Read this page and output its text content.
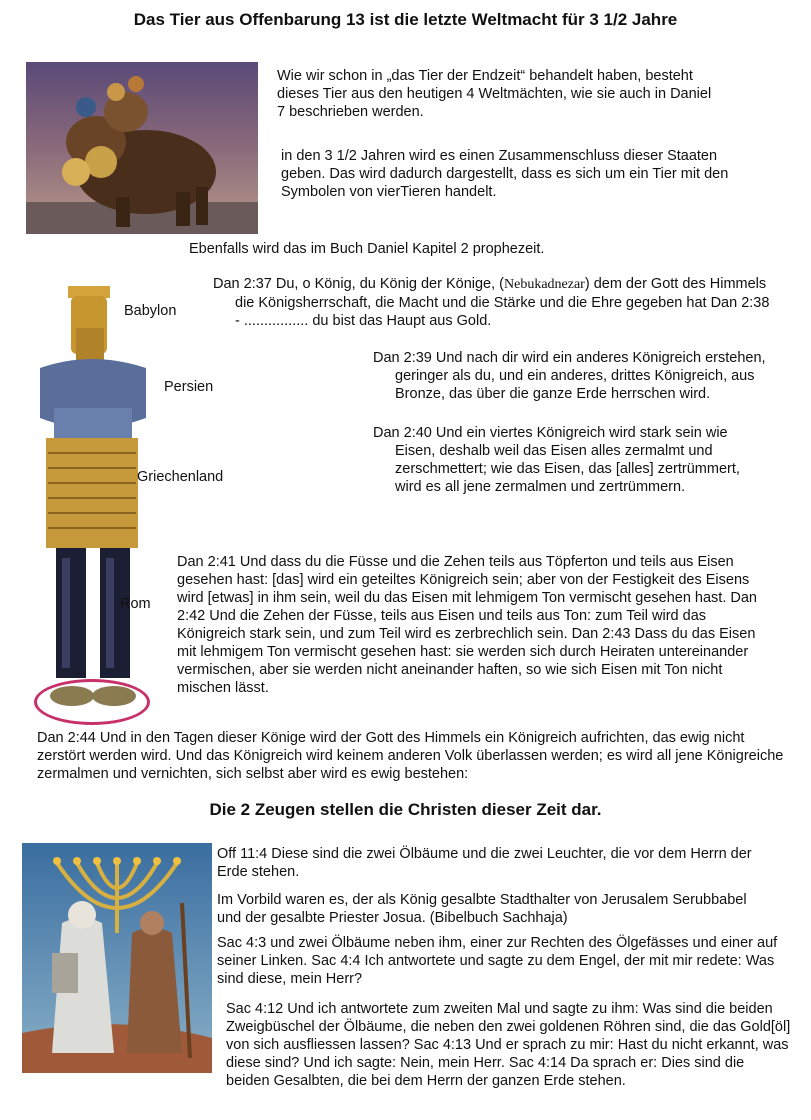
Das Tier aus Offenbarung 13 ist die letzte Weltmacht für 3 1/2 Jahre
Wie wir schon in „das Tier der Endzeit“ behandelt haben, besteht dieses Tier aus den heutigen 4 Weltmächten, wie sie auch in Daniel 7 beschrieben werden.
in den 3 1/2 Jahren wird es einen Zusammenschluss dieser Staaten geben. Das wird dadurch dargestellt, dass es sich um ein Tier mit den Symbolen von vierTieren handelt.
Ebenfalls wird das im Buch Daniel Kapitel 2 prophezeit.
Babylon
Persien
Griechenland
Rom
Dan 2:37 Du, o König, du König der Könige, (Nebukadnezar) dem der Gott des Himmels die Königsherrschaft, die Macht und die Stärke und die Ehre gegeben hat Dan 2:38 - ................ du bist das Haupt aus Gold.
Dan 2:39 Und nach dir wird ein anderes Königreich erstehen, geringer als du, und ein anderes, drittes Königreich, aus Bronze, das über die ganze Erde herrschen wird.
Dan 2:40 Und ein viertes Königreich wird stark sein wie Eisen, deshalb weil das Eisen alles zermalmt und zerschmettert; wie das Eisen, das [alles] zertrümmert, wird es all jene zermalmen und zertrümmern.
Dan 2:41 Und dass du die Füsse und die Zehen teils aus Töpferton und teils aus Eisen gesehen hast: [das] wird ein geteiltes Königreich sein; aber von der Festigkeit des Eisens wird [etwas] in ihm sein, weil du das Eisen mit lehmigem Ton vermischt gesehen hast. Dan 2:42 Und die Zehen der Füsse, teils aus Eisen und teils aus Ton: zum Teil wird das Königreich stark sein, und zum Teil wird es zerbrechlich sein. Dan 2:43 Dass du das Eisen mit lehmigem Ton vermischt gesehen hast: sie werden sich durch Heiraten untereinander vermischen, aber sie werden nicht aneinander haften, so wie sich Eisen mit Ton nicht mischen lässt.
Dan 2:44 Und in den Tagen dieser Könige wird der Gott des Himmels ein Königreich aufrichten, das ewig nicht zerstört werden wird. Und das Königreich wird keinem anderen Volk überlassen werden; es wird all jene Königreiche zermalmen und vernichten, sich selbst aber wird es ewig bestehen:
Die 2 Zeugen stellen die Christen dieser Zeit dar.
Off 11:4 Diese sind die zwei Ölbäume und die zwei Leuchter, die vor dem Herrn der Erde stehen.
Im Vorbild waren es, der als König gesalbte Stadthalter von Jerusalem Serubbabel und der gesalbte Priester Josua. (Bibelbuch Sachhaja)
Sac 4:3 und zwei Ölbäume neben ihm, einer zur Rechten des Ölgefässes und einer auf seiner Linken. Sac 4:4 Ich antwortete und sagte zu dem Engel, der mit mir redete: Was sind diese, mein Herr?
Sac 4:12 Und ich antwortete zum zweiten Mal und sagte zu ihm: Was sind die beiden Zweigbüschel der Ölbäume, die neben den zwei goldenen Röhren sind, die das Gold[öl] von sich ausfliessen lassen? Sac 4:13 Und er sprach zu mir: Hast du nicht erkannt, was diese sind? Und ich sagte: Nein, mein Herr. Sac 4:14 Da sprach er: Dies sind die beiden Gesalbten, die bei dem Herrn der ganzen Erde stehen.
